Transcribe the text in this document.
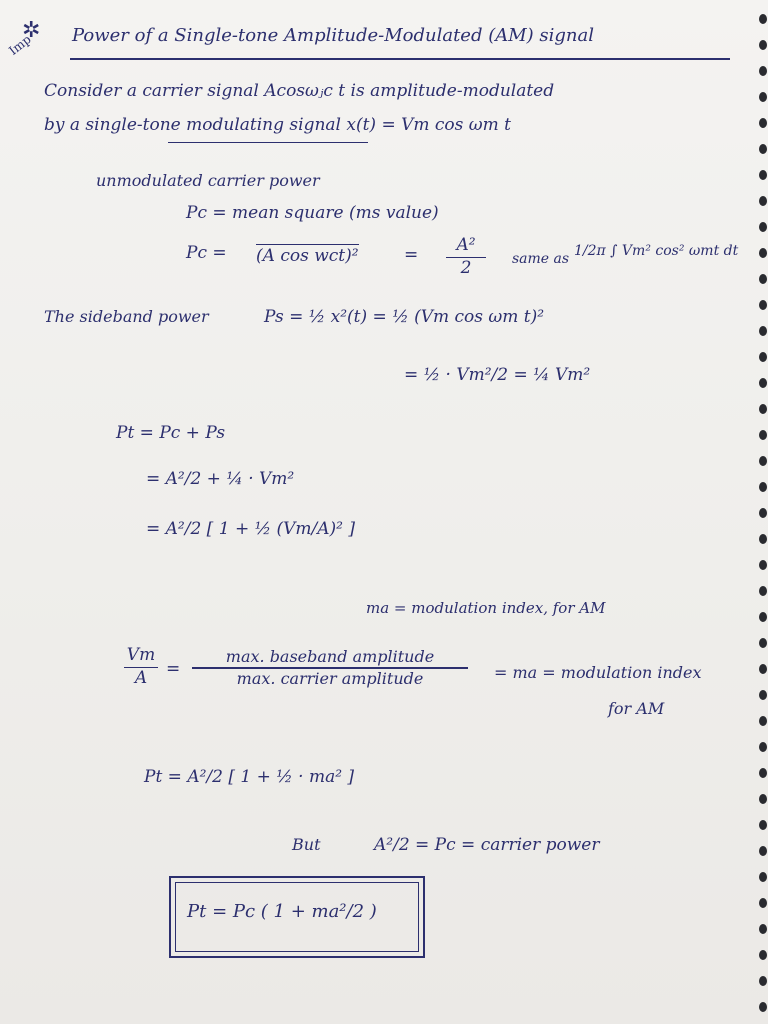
✲
Imp Power of a Single-tone Amplitude-Modulated (AM) signal
Consider a carrier signal Acosωⱼc t is amplitude-modulated
by a single-tone modulating signal x(t) = Vm cos ωm t
unmodulated carrier power
Pc = mean square (ms value)
Pc = (A cos wct)²	=	A²
2	same as 1/2π ∫ Vm² cos² ωmt dt
The sideband power	Ps = ½ x²(t) = ½ (Vm cos ωm t)²
= ½ · Vm²/2 = ¼ Vm²
Pt = Pc + Ps
= A²/2 + ¼ · Vm²
= A²/2 [ 1 + ½ (Vm/A)² ]
ma = modulation index, for AM
Vm
A	=
max. baseband amplitude
max. carrier amplitude	= ma = modulation index
for AM
Pt = A²/2 [ 1 + ½ · ma² ]
But	A²/2 = Pc = carrier power
Pt = Pc ( 1 + ma²/2 )
